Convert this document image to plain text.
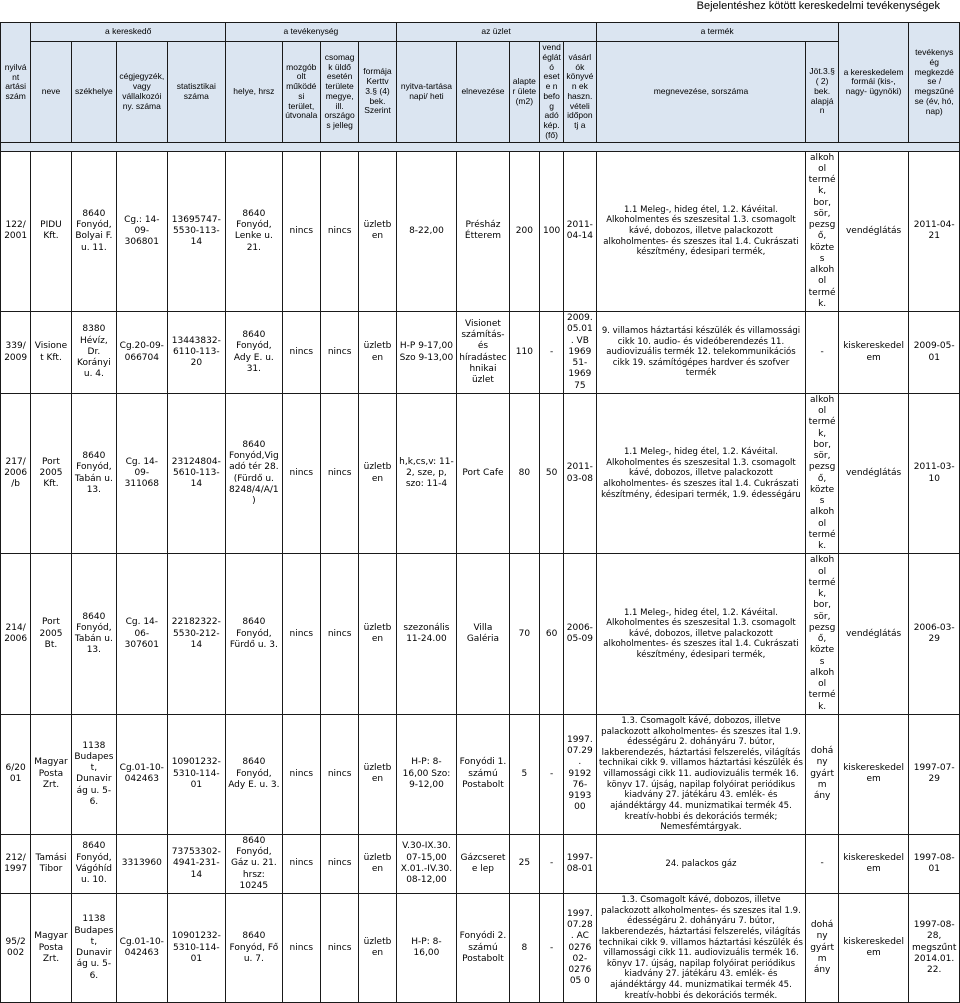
Bejelentéshez kötött kereskedelmi tevékenységek
nyilvánt artási szám	a kereskedő				a tevékenység				az üzlet					a termék		a kereskedelem formái (kis-, nagy- ügynöki)	tevékenys ég megkezdé se / megszűné se (év, hó, nap)
	neve	székhelye	cégjegyzék, vagy vállalkozói ny. száma	statisztikai száma	helye, hrsz	mozgób olt működé si terület, útvonala	csomagk üldő esetén területe megye, ill. országos jelleg	formája Kerttv 3.§ (4) bek. Szerint	nyitva-tartása napi/ heti	elnevezése	alapter ülete (m2)	vend églát ó esete n befog adó kép. (fő)	vásárlók könyvén ek haszn. vételi időpontj a	megnevezése, sorszáma	Jöt.3.§( 2) bek. alapján		

122/2001	PIDU Kft.	8640 Fonyód, Bolyai F. u. 11.	Cg.: 14-09-306801	13695747-5530-113-14	8640 Fonyód, Lenke u. 21.	nincs	nincs	üzletben	8-22,00	Présház Étterem	200	100	2011-04-14	1.1 Meleg-, hideg étel, 1.2. Kávéital. Alkoholmentes és szeszesital 1.3. csomagolt kávé, dobozos, illetve palackozott alkoholmentes- és szeszes ital 1.4. Cukrászati készítmény, édesipari termék,	alkohol termék, bor, sör, pezsgő, köztes alkohol termék.	vendéglátás	2011-04-21
339/2009	Visionet Kft.	8380 Hévíz, Dr. Korányi u. 4.	Cg.20-09-066704	13443832-6110-113-20	8640 Fonyód, Ady E. u. 31.	nincs	nincs	üzletben	H-P 9-17,00 Szo 9-13,00	Visionet számítás-és híradástec hnikai üzlet	110	-	2009.05.01. VB 196951-196975	9. villamos háztartási készülék és villamossági cikk 10. audio- és videóberendezés 11. audiovizuális termék 12. telekommunikációs cikk 19. számítógépes hardver és szofver termék	-	kiskereskedelem	2009-05-01
217/2006/b	Port 2005 Kft.	8640 Fonyód, Tabán u. 13.	Cg. 14-09-311068	23124804-5610-113-14	8640 Fonyód,Vigadó tér 28. (Fürdő u. 8248/4/A/1)	nincs	nincs	üzletben	h,k,cs,v: 11-2, sze, p, szo: 11-4	Port Cafe	80	50	2011-03-08	1.1 Meleg-, hideg étel, 1.2. Kávéital. Alkoholmentes és szeszesital 1.3. csomagolt kávé, dobozos, illetve palackozott alkoholmentes- és szeszes ital 1.4. Cukrászati készítmény, édesipari termék, 1.9. édességáru	alkohol termék, bor, sör, pezsgő, köztes alkohol termék.	vendéglátás	2011-03-10
214/2006	Port 2005 Bt.	8640 Fonyód, Tabán u. 13.	Cg. 14-06-307601	22182322-5530-212-14	8640 Fonyód, Fürdő u. 3.	nincs	nincs	üzletben	szezonális 11-24.00	Villa Galéria	70	60	2006-05-09	1.1 Meleg-, hideg étel, 1.2. Kávéital. Alkoholmentes és szeszesital 1.3. csomagolt kávé, dobozos, illetve palackozott alkoholmentes- és szeszes ital 1.4. Cukrászati készítmény, édesipari termék,	alkohol termék, bor, sör, pezsgő, köztes alkohol termék.	vendéglátás	2006-03-29
6/2001	Magyar Posta Zrt.	1138 Budapest, Dunavirág u. 5-6.	Cg.01-10-042463	10901232-5310-114-01	8640 Fonyód, Ady E. u. 3.	nincs	nincs	üzletben	H-P: 8-16,00 Szo: 9-12,00	Fonyódi 1. számú Postabolt	5	-	1997.07.29. 919276-919300	1.3. Csomagolt kávé, dobozos, illetve palackozott alkoholmentes- és szeszes ital 1.9. édességáru 2. dohányáru 7. bútor, lakberendezés, háztartási felszerelés, világítás technikai cikk 9. villamos háztartási készülék és villamossági cikk 11. audiovizuális termék 16. könyv 17. újság, napilap folyóirat periódikus kiadvány 27. játékáru 43. emlék- és ajándéktárgy 44. munizmatikai termék 45. kreatív-hobbi és dekorációs termék; Nemesfémtárgyak.	dohány gyártm ány	kiskereskedelem	1997-07-29
212/1997	Tamási Tibor	8640 Fonyód, Vágóhíd u. 10.	3313960	73753302-4941-231-14	8640 Fonyód, Gáz u. 21. hrsz: 10245	nincs	nincs	üzletben	V.30-IX.30. 07-15,00 X.01.-IV.30. 08-12,00	Gázcserete lep	25	-	1997-08-01	24. palackos gáz	-	kiskereskedelem	1997-08-01
95/2002	Magyar Posta Zrt.	1138 Budapest, Dunavirág u. 5-6.	Cg.01-10-042463	10901232-5310-114-01	8640 Fonyód, Fő u. 7.	nincs	nincs	üzletben	H-P: 8-16,00	Fonyódi 2. számú Postabolt	8	-	1997.07.28. AC 027602-027605 0	1.3. Csomagolt kávé, dobozos, illetve palackozott alkoholmentes- és szeszes ital 1.9. édességáru 2. dohányáru 7. bútor, lakberendezés, háztartási felszerelés, világítás technikai cikk 9. villamos háztartási készülék és villamossági cikk 11. audiovizuális termék 16. könyv 17. újság, napilap folyóirat periódikus kiadvány 27. játékáru 43. emlék- és ajándéktárgy 44. munizmatikai termék 45. kreatív-hobbi és dekorációs termék.	dohány gyártm ány	kiskereskedelem	1997-08-28, megszűnt 2014.01.22.
